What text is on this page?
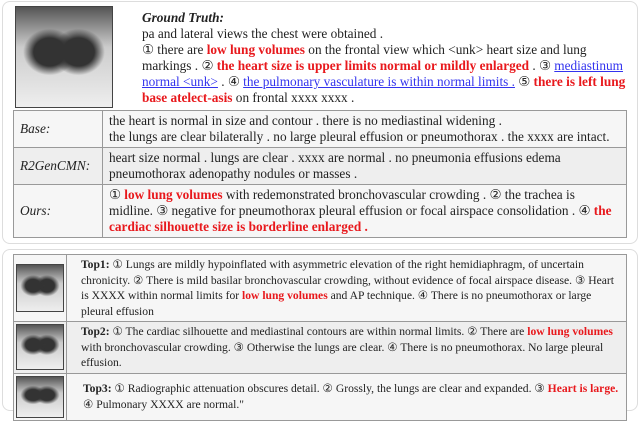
Ground Truth:
pa and lateral views the chest were obtained .
① there are low lung volumes on the frontal view which <unk> heart size and lung markings . ② the heart size is upper limits normal or mildly enlarged . ③ mediastinum normal <unk> . ④ the pulmonary vasculature is within normal limits . ⑤ there is left lung base atelect-asis on frontal xxxx xxxx .
Base:	the heart is normal in size and contour . there is no mediastinal widening .
the lungs are clear bilaterally . no large pleural effusion or pneumothorax . the xxxx are intact.
R2GenCMN:	heart size normal . lungs are clear . xxxx are normal . no pneumonia effusions edema pneumothorax adenopathy nodules or masses .
Ours:	① low lung volumes with redemonstrated bronchovascular crowding . ② the trachea is midline. ③ negative for pneumothorax pleural effusion or focal airspace consolidation . ④ the cardiac silhouette size is borderline enlarged .
	Top1: ① Lungs are mildly hypoinflated with asymmetric elevation of the right hemidiaphragm, of uncertain chronicity. ② There is mild basilar bronchovascular crowding, without evidence of focal airspace disease. ③ Heart is XXXX within normal limits for low lung volumes and AP technique. ④ There is no pneumothorax or large pleural effusion

	Top2: ① The cardiac silhouette and mediastinal contours are within normal limits. ② There are low lung volumes with bronchovascular crowding. ③ Otherwise the lungs are clear. ④ There is no pneumothorax. No large pleural effusion.

	Top3: ① Radiographic attenuation obscures detail. ② Grossly, the lungs are clear and expanded. ③ Heart is large. ④ Pulmonary XXXX are normal."
